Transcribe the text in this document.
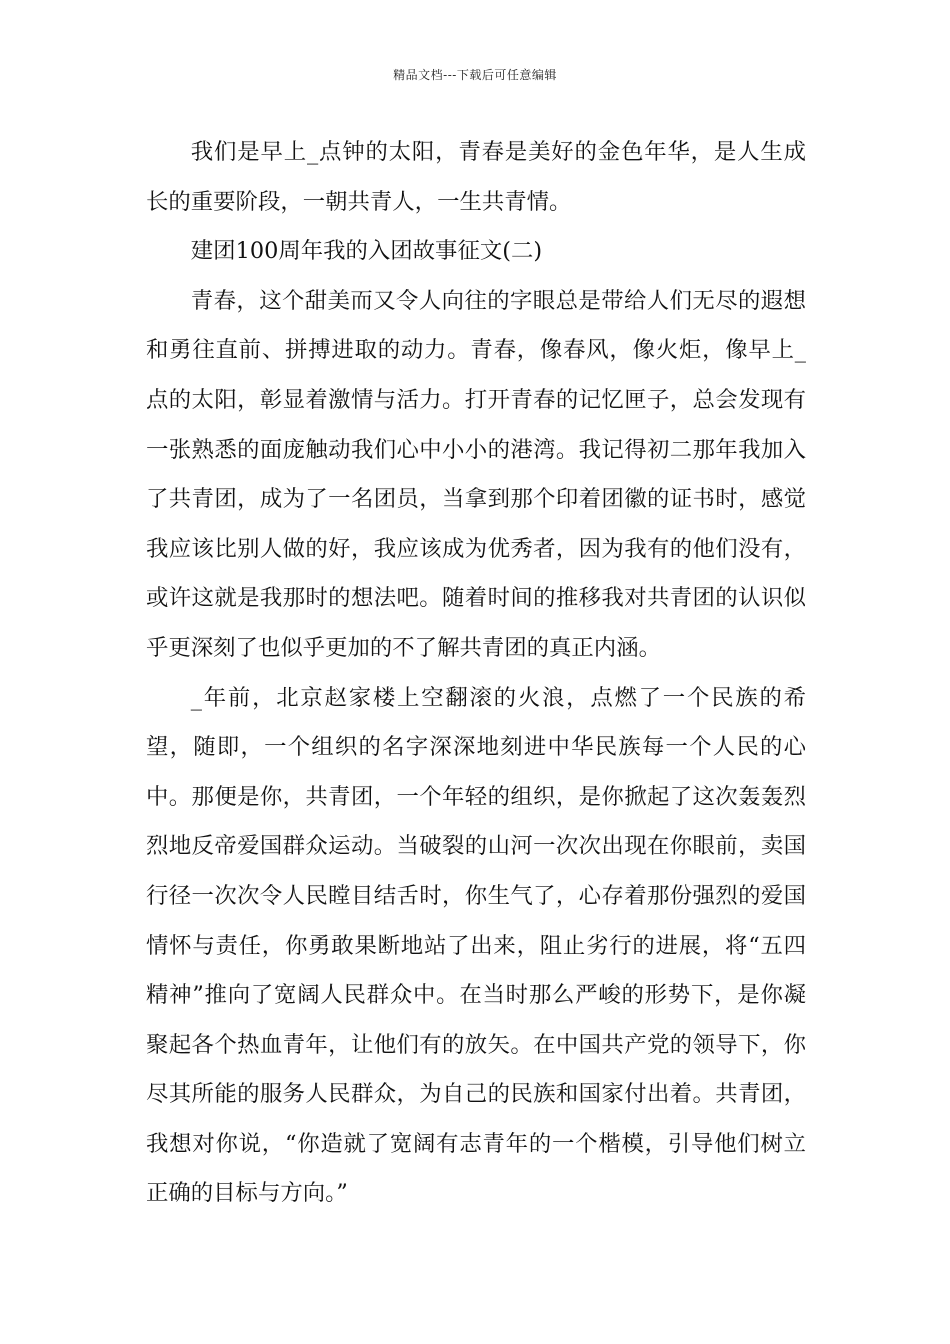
精品文档---下载后可任意编辑

我们是早上_点钟的太阳，青春是美好的金色年华，是人生成长的重要阶段，一朝共青人，一生共青情。

建团100周年我的入团故事征文(二)

青春，这个甜美而又令人向往的字眼总是带给人们无尽的遐想和勇往直前、拼搏进取的动力。青春，像春风，像火炬，像早上_点的太阳，彰显着激情与活力。打开青春的记忆匣子，总会发现有一张熟悉的面庞触动我们心中小小的港湾。我记得初二那年我加入了共青团，成为了一名团员，当拿到那个印着团徽的证书时，感觉我应该比别人做的好，我应该成为优秀者，因为我有的他们没有，或许这就是我那时的想法吧。随着时间的推移我对共青团的认识似乎更深刻了也似乎更加的不了解共青团的真正内涵。

_年前，北京赵家楼上空翻滚的火浪，点燃了一个民族的希望，随即，一个组织的名字深深地刻进中华民族每一个人民的心中。那便是你，共青团，一个年轻的组织，是你掀起了这次轰轰烈烈地反帝爱国群众运动。当破裂的山河一次次出现在你眼前，卖国行径一次次令人民瞠目结舌时，你生气了，心存着那份强烈的爱国情怀与责任，你勇敢果断地站了出来，阻止劣行的进展，将“五四精神”推向了宽阔人民群众中。在当时那么严峻的形势下，是你凝聚起各个热血青年，让他们有的放矢。在中国共产党的领导下，你尽其所能的服务人民群众，为自己的民族和国家付出着。共青团，我想对你说，“你造就了宽阔有志青年的一个楷模，引导他们树立正确的目标与方向。”
